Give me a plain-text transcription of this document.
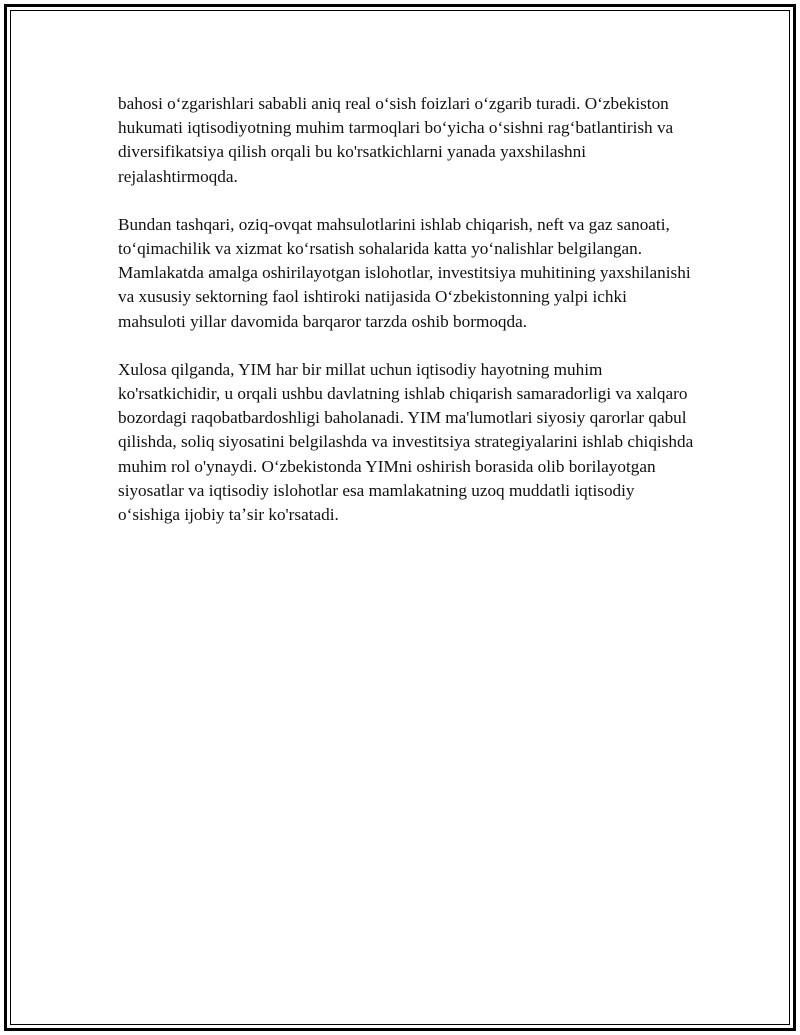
bahosi oʻzgarishlari sababli aniq real oʻsish foizlari oʻzgarib turadi. Oʻzbekiston hukumati iqtisodiyotning muhim tarmoqlari boʻyicha oʻsishni ragʻbatlantirish va diversifikatsiya qilish orqali bu ko'rsatkichlarni yanada yaxshilashni rejalashtirmoqda.

Bundan tashqari, oziq-ovqat mahsulotlarini ishlab chiqarish, neft va gaz sanoati, toʻqimachilik va xizmat koʻrsatish sohalarida katta yoʻnalishlar belgilangan. Mamlakatda amalga oshirilayotgan islohotlar, investitsiya muhitining yaxshilanishi va xususiy sektorning faol ishtiroki natijasida Oʻzbekistonning yalpi ichki mahsuloti yillar davomida barqaror tarzda oshib bormoqda.

Xulosa qilganda, YIM har bir millat uchun iqtisodiy hayotning muhim ko'rsatkichidir, u orqali ushbu davlatning ishlab chiqarish samaradorligi va xalqaro bozordagi raqobatbardoshligi baholanadi. YIM ma'lumotlari siyosiy qarorlar qabul qilishda, soliq siyosatini belgilashda va investitsiya strategiyalarini ishlab chiqishda muhim rol o'ynaydi. Oʻzbekistonda YIMni oshirish borasida olib borilayotgan siyosatlar va iqtisodiy islohotlar esa mamlakatning uzoq muddatli iqtisodiy oʻsishiga ijobiy taʼsir ko'rsatadi.
